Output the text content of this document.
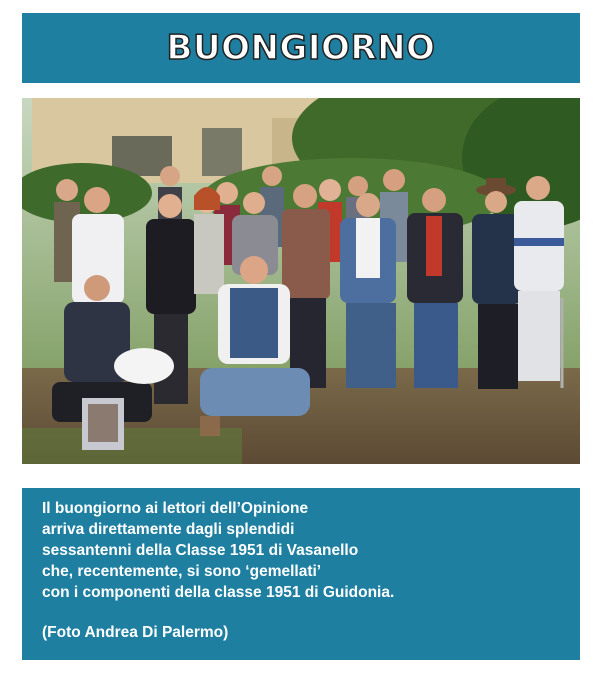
BUONGIORNO

Il buongiorno ai lettori dell’Opinione
arriva direttamente dagli splendidi
sessantenni della Classe 1951 di Vasanello
che, recentemente, si sono ‘gemellati’
con i componenti della classe 1951 di Guidonia.

(Foto Andrea Di Palermo)
